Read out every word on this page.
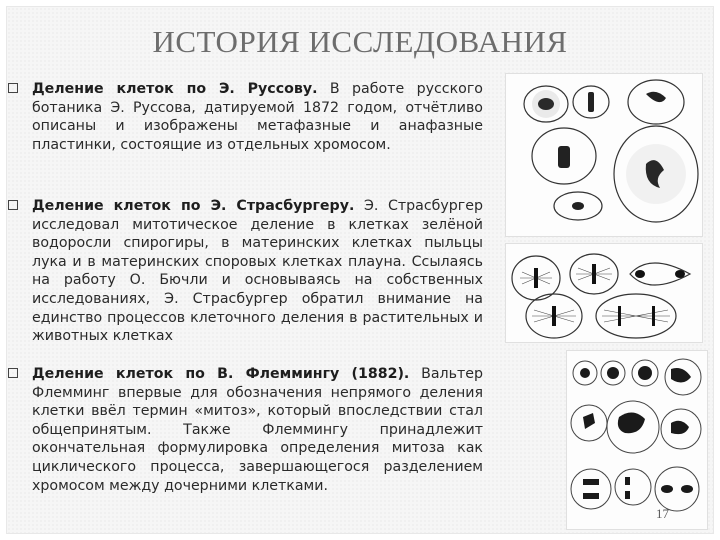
ИСТОРИЯ ИССЛЕДОВАНИЯ
Деление клеток по Э. Руссову. В работе русского ботаника Э. Руссова, датируемой 1872 годом, отчётливо описаны и изображены метафазные и анафазные пластинки, состоящие из отдельных хромосом.
Деление клеток по Э. Страсбургеру. Э. Страсбургер исследовал митотическое деление в клетках зелёной водоросли спирогиры, в материнских клетках пыльцы лука и в материнских споровых клетках плауна. Ссылаясь на работу О. Бючли и основываясь на собственных исследованиях, Э. Страсбургер обратил внимание на единство процессов клеточного деления в растительных и животных клетках
Деление клеток по В. Флеммингу (1882). Вальтер Флемминг впервые для обозначения непрямого деления клетки ввёл термин «митоз», который впоследствии стал общепринятым. Также Флеммингу принадлежит окончательная формулировка определения митоза как циклического процесса, завершающегося разделением хромосом между дочерними клетками.
17
